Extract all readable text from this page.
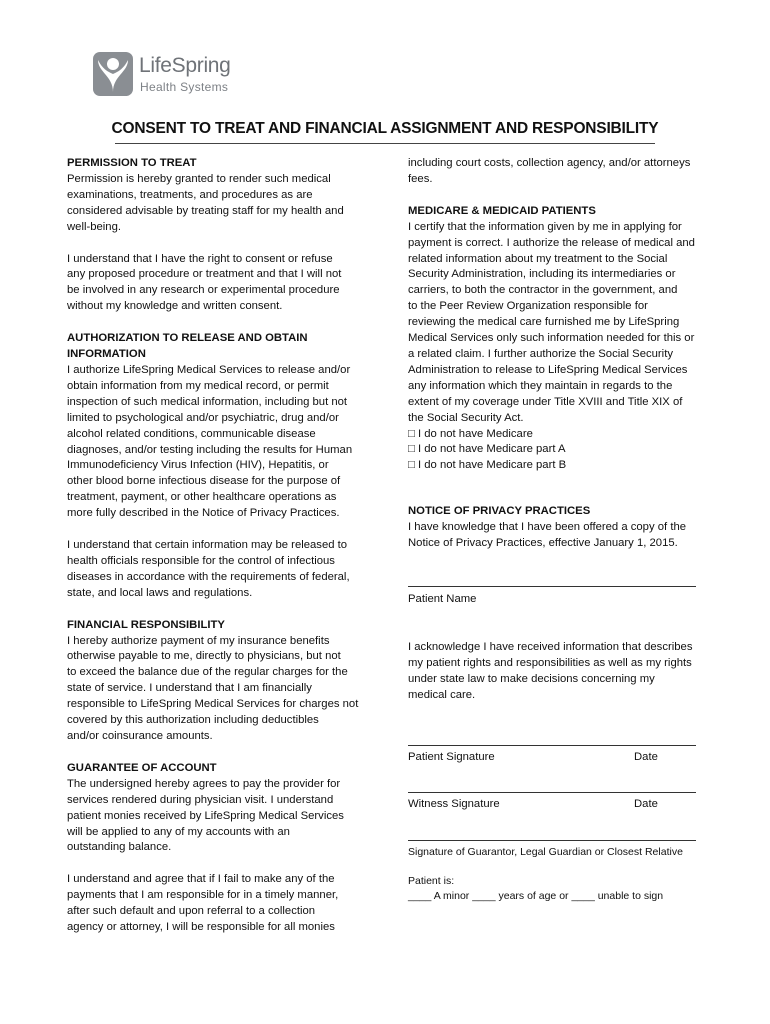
LifeSpring
Health Systems
CONSENT TO TREAT AND FINANCIAL ASSIGNMENT AND RESPONSIBILITY

PERMISSION TO TREAT

Permission is hereby granted to render such medical

examinations, treatments, and procedures as are

considered advisable by treating staff for my health and

well-being.

I understand that I have the right to consent or refuse

any proposed procedure or treatment and that I will not

be involved in any research or experimental procedure

without my knowledge and written consent.

AUTHORIZATION TO RELEASE AND OBTAIN

INFORMATION

I authorize LifeSpring Medical Services to release and/or

obtain information from my medical record, or permit

inspection of such medical information, including but not

limited to psychological and/or psychiatric, drug and/or

alcohol related conditions, communicable disease

diagnoses, and/or testing including the results for Human

Immunodeficiency Virus Infection (HIV), Hepatitis, or

other blood borne infectious disease for the purpose of

treatment, payment, or other healthcare operations as

more fully described in the Notice of Privacy Practices.

I understand that certain information may be released to

health officials responsible for the control of infectious

diseases in accordance with the requirements of federal,

state, and local laws and regulations.

FINANCIAL RESPONSIBILITY

I hereby authorize payment of my insurance benefits

otherwise payable to me, directly to physicians, but not

to exceed the balance due of the regular charges for the

state of service. I understand that I am financially

responsible to LifeSpring Medical Services for charges not

covered by this authorization including deductibles

and/or coinsurance amounts.

GUARANTEE OF ACCOUNT

The undersigned hereby agrees to pay the provider for

services rendered during physician visit. I understand

patient monies received by LifeSpring Medical Services

will be applied to any of my accounts with an

outstanding balance.

I understand and agree that if I fail to make any of the

payments that I am responsible for in a timely manner,

after such default and upon referral to a collection

agency or attorney, I will be responsible for all monies

including court costs, collection agency, and/or attorneys

fees.

MEDICARE & MEDICAID PATIENTS

I certify that the information given by me in applying for

payment is correct. I authorize the release of medical and

related information about my treatment to the Social

Security Administration, including its intermediaries or

carriers, to both the contractor in the government, and

to the Peer Review Organization responsible for

reviewing the medical care furnished me by LifeSpring

Medical Services only such information needed for this or

a related claim. I further authorize the Social Security

Administration to release to LifeSpring Medical Services

any information which they maintain in regards to the

extent of my coverage under Title XVIII and Title XIX of

the Social Security Act.

□ I do not have Medicare

□ I do not have Medicare part A

□ I do not have Medicare part B

NOTICE OF PRIVACY PRACTICES

I have knowledge that I have been offered a copy of the

Notice of Privacy Practices, effective January 1, 2015.

Patient Name

I acknowledge I have received information that describes

my patient rights and responsibilities as well as my rights

under state law to make decisions concerning my

medical care.

Patient Signature	Date
Witness Signature	Date
Signature of Guarantor, Legal Guardian or Closest Relative
Patient is:
____ A minor ____ years of age or ____ unable to sign
